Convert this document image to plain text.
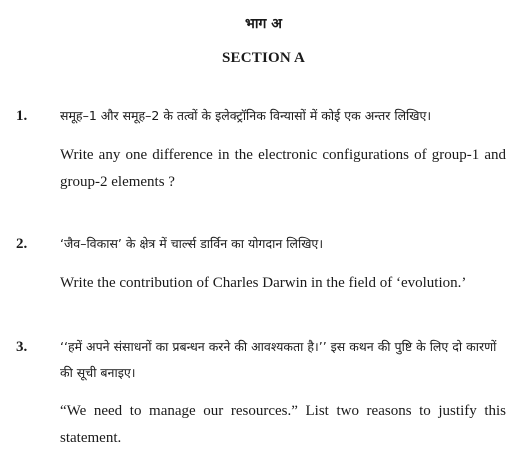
भाग अ
SECTION A
1.	समूह–1 और समूह–2 के तत्वों के इलेक्ट्रॉनिक विन्यासों में कोई एक अन्तर लिखिए।
Write any one difference in the electronic configurations of group-1 and group-2 elements ?
2.	‘जैव–विकास’ के क्षेत्र में चार्ल्स डार्विन का योगदान लिखिए।
Write the contribution of Charles Darwin in the field of ‘evolution.’
3.	‘‘हमें अपने संसाधनों का प्रबन्धन करने की आवश्यकता है।’’ इस कथन की पुष्टि के लिए दो कारणों की सूची बनाइए।
“We need to manage our resources.” List two reasons to justify this statement.
